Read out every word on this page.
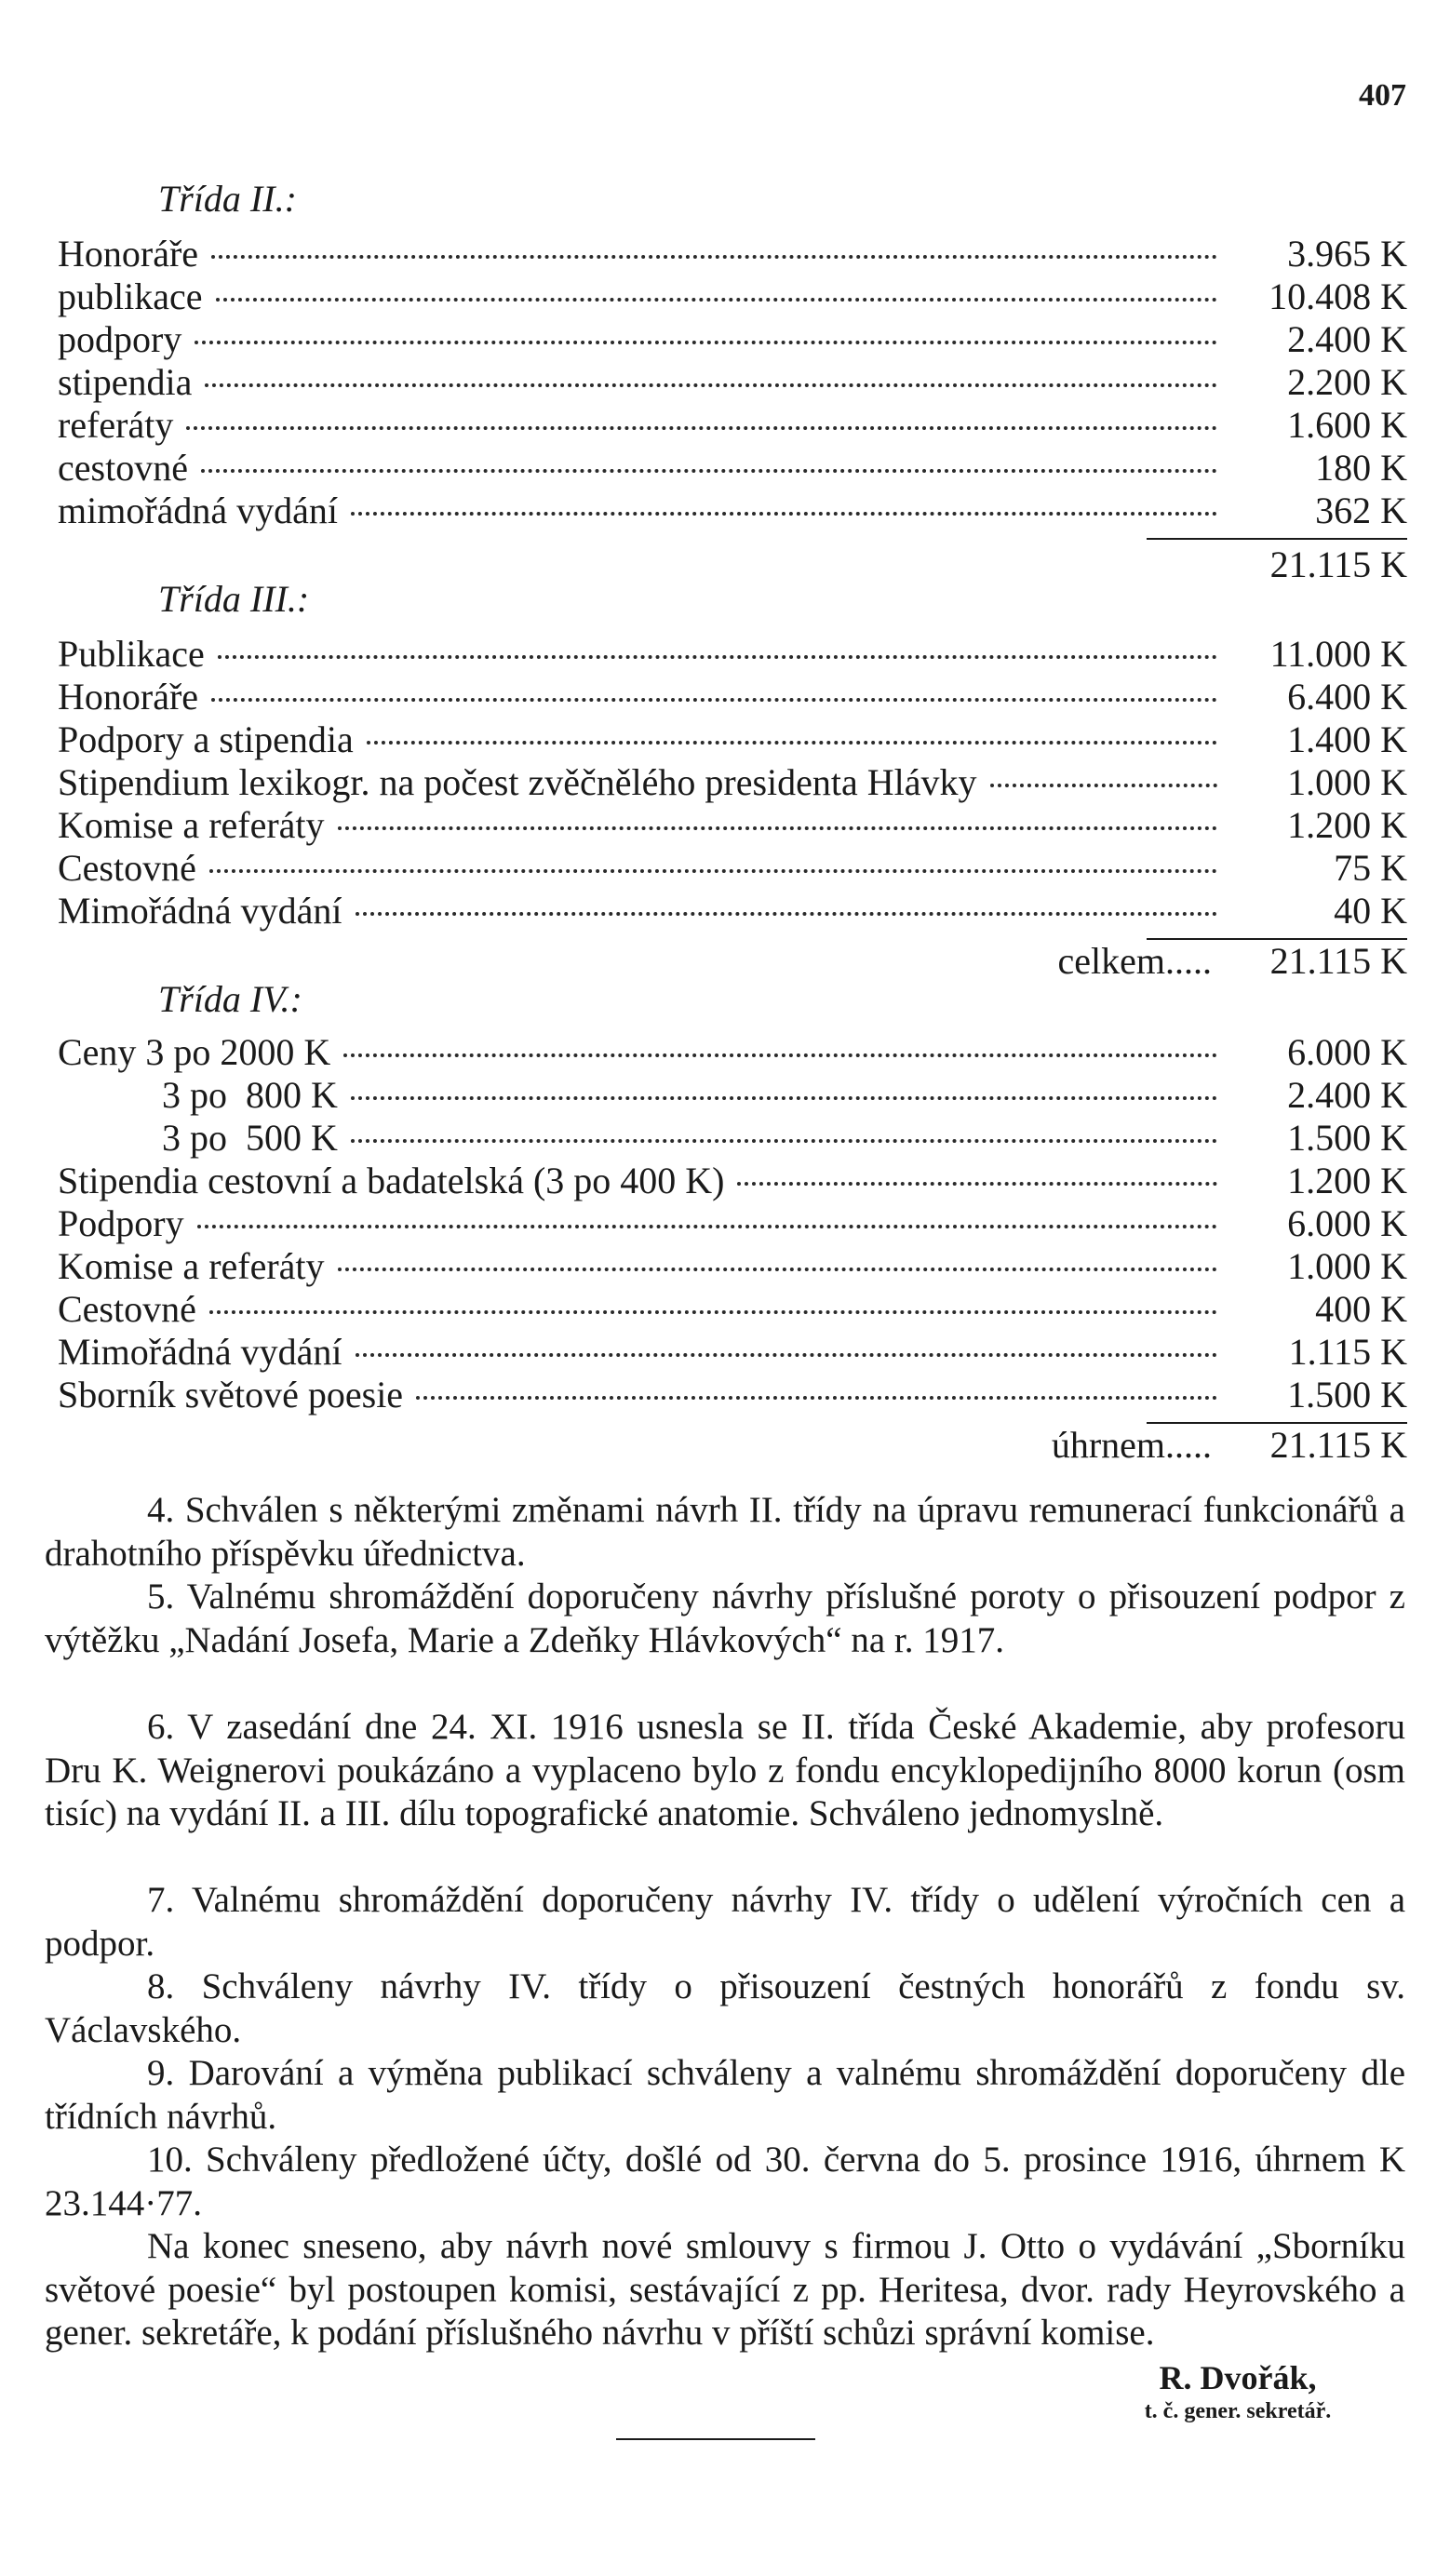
407
Třída II.:
Honoráře	3.965 K
publikace	10.408 K
podpory	2.400 K
stipendia	2.200 K
referáty	1.600 K
cestovné	180 K
mimořádná vydání	362 K
21.115 K
Třída III.:
Publikace	11.000 K
Honoráře	6.400 K
Podpory a stipendia	1.400 K
Stipendium lexikogr. na počest zvěčnělého presidenta Hlávky	1.000 K
Komise a referáty	1.200 K
Cestovné	75 K
Mimořádná vydání	40 K
celkem.....	21.115 K
Třída IV.:
Ceny 3 po 2000 K	6.000 K
3 po  800 K	2.400 K
3 po  500 K	1.500 K
Stipendia cestovní a badatelská (3 po 400 K)	1.200 K
Podpory	6.000 K
Komise a referáty	1.000 K
Cestovné	400 K
Mimořádná vydání	1.115 K
Sborník světové poesie	1.500 K
úhrnem.....	21.115 K

4. Schválen s některými změnami návrh II. třídy na úpravu remunerací funkcionářů a drahotního příspěvku úřednictva.

5. Valnému shromáždění doporučeny návrhy příslušné poroty o přisouzení podpor z výtěžku „Nadání Josefa, Marie a Zdeňky Hlávkových“ na r. 1917.

6. V zasedání dne 24. XI. 1916 usnesla se II. třída České Akademie, aby profesoru Dru K. Weignerovi poukázáno a vyplaceno bylo z fondu encyklopedijního 8000 korun (osm tisíc) na vydání II. a III. dílu topografické anatomie. Schváleno jednomyslně.

7. Valnému shromáždění doporučeny návrhy IV. třídy o udělení výročních cen a podpor.

8. Schváleny návrhy IV. třídy o přisouzení čestných honorářů z fondu sv. Václavského.

9. Darování a výměna publikací schváleny a valnému shromáždění doporučeny dle třídních návrhů.

10. Schváleny předložené účty, došlé od 30. června do 5. prosince 1916, úhrnem K 23.144·77.

Na konec sneseno, aby návrh nové smlouvy s firmou J. Otto o vydávání „Sborníku světové poesie“ byl postoupen komisi, sestávající z pp. Heritesa, dvor. rady Heyrovského a gener. sekretáře, k podání příslušného návrhu v příští schůzi správní komise.

R. Dvořák,
t. č. gener. sekretář.
